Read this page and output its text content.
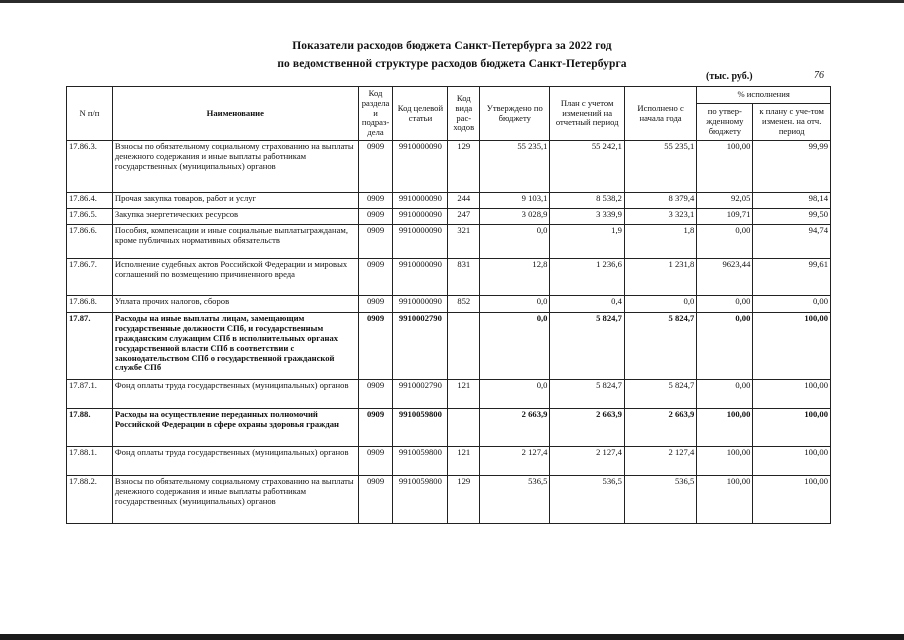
Показатели расходов бюджета Санкт-Петербурга за 2022 год
по ведомственной структуре расходов бюджета Санкт-Петербурга
(тыс. руб.)	76
N п/п	Наименование	Код раздела и подраз-дела	Код целевой статьи	Код вида рас-ходов	Утверждено по бюджету	План с учетом изменений на отчетный период	Исполнено с начала года	% исполнения	
								по утвер-жденному бюджету	к плану с уче-том изменен. на отч. период
17.86.3.	Взносы по обязательному социальному страхованию на выплаты денежного содержания и иные выплаты работникам государственных (муниципальных) органов	0909	9910000090	129	55 235,1	55 242,1	55 235,1	100,00	99,99
17.86.4.	Прочая закупка товаров, работ и услуг	0909	9910000090	244	9 103,1	8 538,2	8 379,4	92,05	98,14
17.86.5.	Закупка энергетических ресурсов	0909	9910000090	247	3 028,9	3 339,9	3 323,1	109,71	99,50
17.86.6.	Пособия, компенсации и иные социальные выплатыгражданам, кроме публичных нормативных обязательств	0909	9910000090	321	0,0	1,9	1,8	0,00	94,74
17.86.7.	Исполнение судебных актов Российской Федерации и мировых соглашений по возмещению причиненного вреда	0909	9910000090	831	12,8	1 236,6	1 231,8	9623,44	99,61
17.86.8.	Уплата прочих налогов, сборов	0909	9910000090	852	0,0	0,4	0,0	0,00	0,00
17.87.	Расходы на иные выплаты лицам, замещающим государственные должности СПб, и государственным гражданским служащим СПб в исполнительных органах государственной власти СПб в соответствии с законодательством СПб о государственной гражданской службе СПб	0909	9910002790		0,0	5 824,7	5 824,7	0,00	100,00
17.87.1.	Фонд оплаты труда государственных (муниципальных) органов	0909	9910002790	121	0,0	5 824,7	5 824,7	0,00	100,00
17.88.	Расходы на осуществление переданных полномочий Российской Федерации в сфере охраны здоровья граждан	0909	9910059800		2 663,9	2 663,9	2 663,9	100,00	100,00
17.88.1.	Фонд оплаты труда государственных (муниципальных) органов	0909	9910059800	121	2 127,4	2 127,4	2 127,4	100,00	100,00
17.88.2.	Взносы по обязательному социальному страхованию на выплаты денежного содержания и иные выплаты работникам государственных (муниципальных) органов	0909	9910059800	129	536,5	536,5	536,5	100,00	100,00
